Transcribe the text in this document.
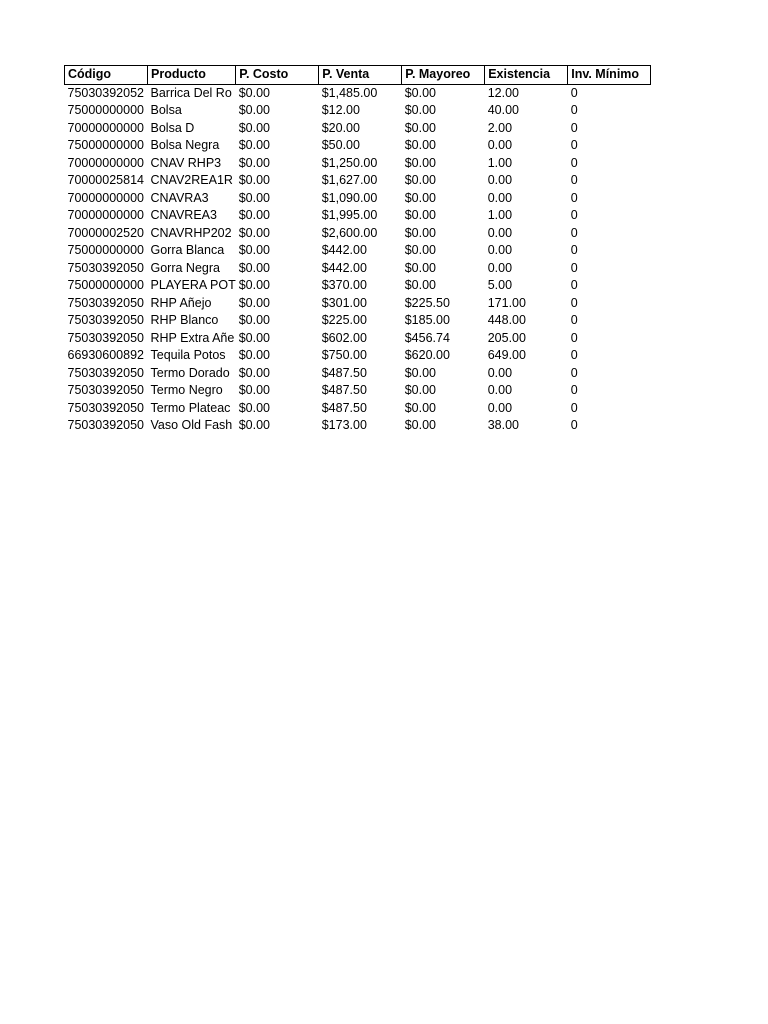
Código	Producto	P. Costo	P. Venta	P. Mayoreo	Existencia	Inv. Mínimo
75030392052	Barrica Del Ro	$0.00	$1,485.00	$0.00	12.00	0
75000000000	Bolsa	$0.00	$12.00	$0.00	40.00	0
70000000000	Bolsa D	$0.00	$20.00	$0.00	2.00	0
75000000000	Bolsa Negra	$0.00	$50.00	$0.00	0.00	0
70000000000	CNAV RHP3	$0.00	$1,250.00	$0.00	1.00	0
70000025814	CNAV2REA1R	$0.00	$1,627.00	$0.00	0.00	0
70000000000	CNAVRA3	$0.00	$1,090.00	$0.00	0.00	0
70000000000	CNAVREA3	$0.00	$1,995.00	$0.00	1.00	0
70000002520	CNAVRHP202	$0.00	$2,600.00	$0.00	0.00	0
75000000000	Gorra Blanca	$0.00	$442.00	$0.00	0.00	0
75030392050	Gorra Negra	$0.00	$442.00	$0.00	0.00	0
75000000000	PLAYERA POT	$0.00	$370.00	$0.00	5.00	0
75030392050	RHP Añejo	$0.00	$301.00	$225.50	171.00	0
75030392050	RHP Blanco	$0.00	$225.00	$185.00	448.00	0
75030392050	RHP Extra Añe	$0.00	$602.00	$456.74	205.00	0
66930600892	Tequila Potos	$0.00	$750.00	$620.00	649.00	0
75030392050	Termo Dorado	$0.00	$487.50	$0.00	0.00	0
75030392050	Termo Negro	$0.00	$487.50	$0.00	0.00	0
75030392050	Termo Plateac	$0.00	$487.50	$0.00	0.00	0
75030392050	Vaso Old Fash	$0.00	$173.00	$0.00	38.00	0
